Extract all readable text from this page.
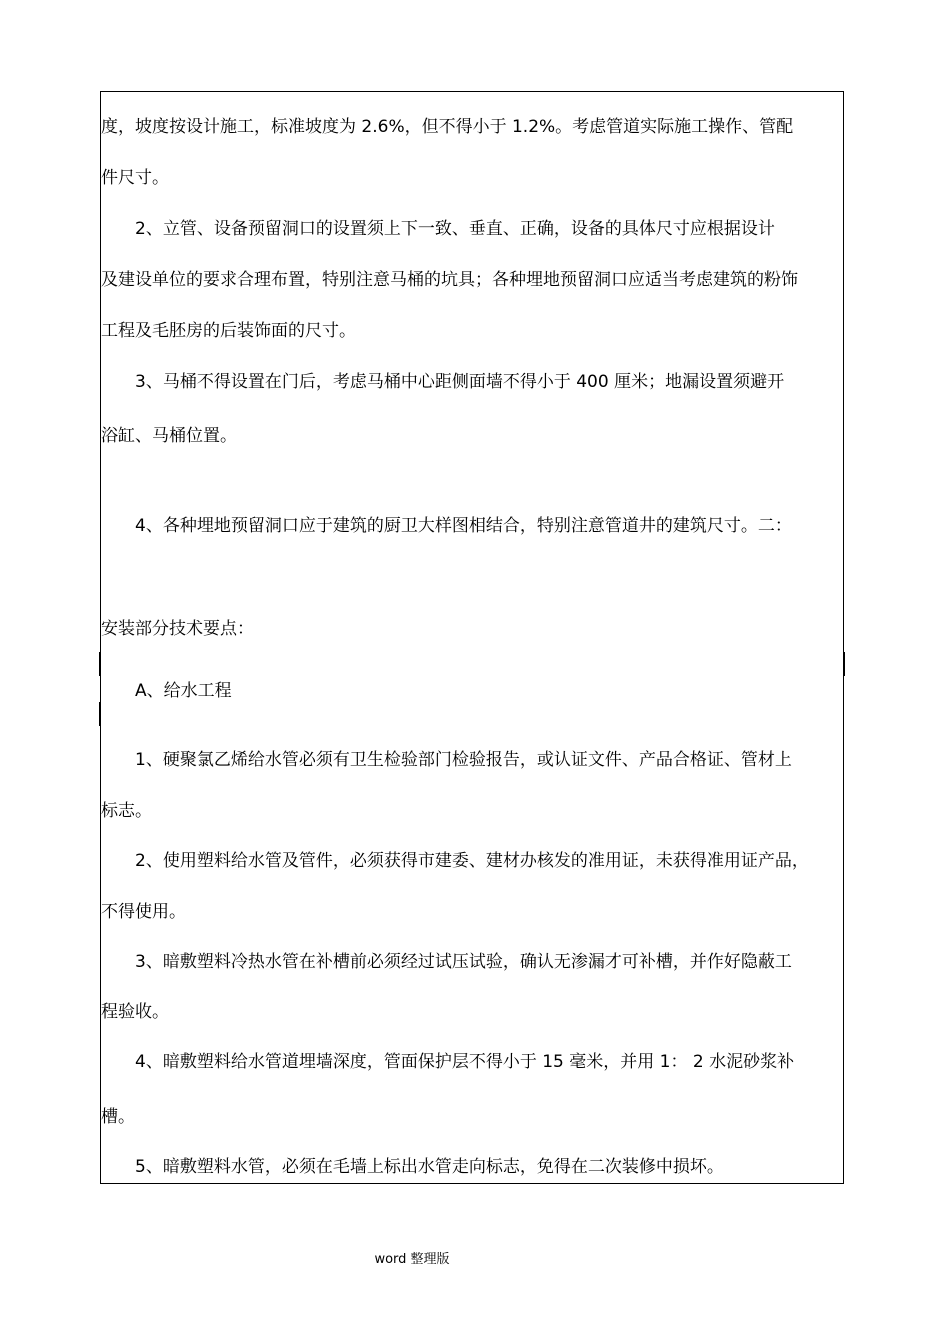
度，坡度按设计施工，标准坡度为 2.6%，但不得小于 1.2%。考虑管道实际施工操作、管配
件尺寸。
　　2、立管、设备预留洞口的设置须上下一致、垂直、正确，设备的具体尺寸应根据设计
及建设单位的要求合理布置，特别注意马桶的坑具；各种埋地预留洞口应适当考虑建筑的粉饰
工程及毛胚房的后装饰面的尺寸。
　　3、马桶不得设置在门后，考虑马桶中心距侧面墙不得小于 400 厘米；地漏设置须避开
浴缸、马桶位置。
　　4、各种埋地预留洞口应于建筑的厨卫大样图相结合，特别注意管道井的建筑尺寸。二：
安装部分技术要点：
　　A、给水工程
　　1、硬聚氯乙烯给水管必须有卫生检验部门检验报告，或认证文件、产品合格证、管材上
标志。
　　2、使用塑料给水管及管件，必须获得市建委、建材办核发的准用证，未获得准用证产品，
不得使用。
　　3、暗敷塑料冷热水管在补槽前必须经过试压试验，确认无渗漏才可补槽，并作好隐蔽工
程验收。
　　4、暗敷塑料给水管道埋墙深度，管面保护层不得小于 15 毫米，并用 1： 2 水泥砂浆补
槽。
　　5、暗敷塑料水管，必须在毛墙上标出水管走向标志，免得在二次装修中损坏。
word 整理版
